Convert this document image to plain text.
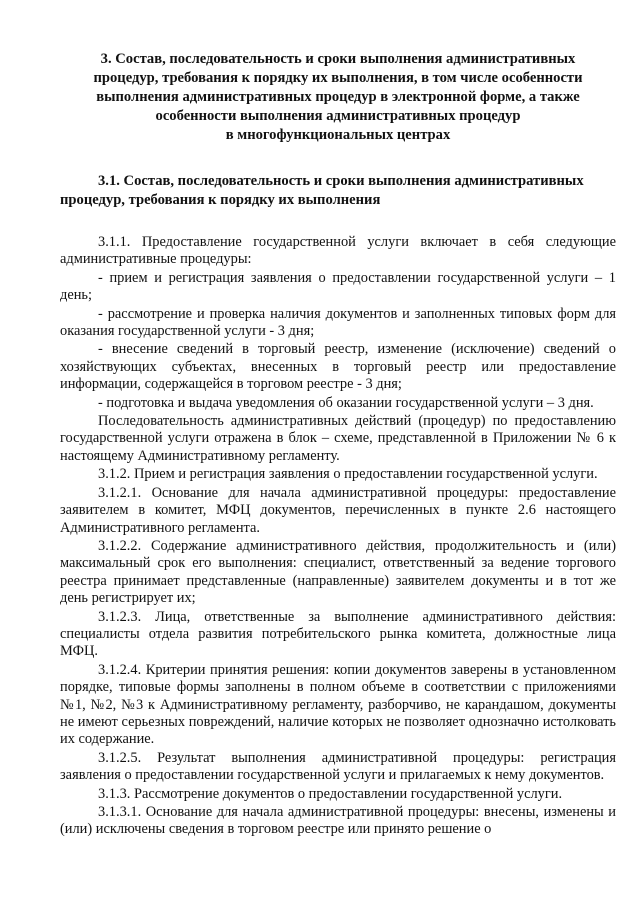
3. Состав, последовательность и сроки выполнения административных
процедур, требования к порядку их выполнения, в том числе особенности
выполнения административных процедур в электронной форме, а также
особенности выполнения административных процедур
в многофункциональных центрах
3.1. Состав, последовательность и сроки выполнения административных процедур, требования к порядку их выполнения

3.1.1. Предоставление государственной услуги включает в себя следующие административные процедуры:

- прием и регистрация заявления о предоставлении государственной услуги – 1 день;

- рассмотрение и проверка наличия документов и заполненных типовых форм для оказания государственной услуги - 3 дня;

- внесение сведений в торговый реестр, изменение (исключение) сведений о хозяйствующих субъектах, внесенных в торговый реестр или предоставление информации, содержащейся в торговом реестре - 3 дня;

- подготовка и выдача уведомления об оказании государственной услуги – 3 дня.

Последовательность административных действий (процедур) по предоставлению государственной услуги отражена в блок – схеме, представленной в Приложении № 6 к настоящему Административному регламенту.

3.1.2. Прием и регистрация заявления о предоставлении государственной услуги.

3.1.2.1. Основание для начала административной процедуры: предоставление заявителем в комитет, МФЦ документов, перечисленных в пункте 2.6 настоящего Административного регламента.

3.1.2.2. Содержание административного действия, продолжительность и (или) максимальный срок его выполнения: специалист, ответственный за ведение торгового реестра принимает представленные (направленные) заявителем документы и в тот же день регистрирует их;

3.1.2.3. Лица, ответственные за выполнение административного действия: специалисты отдела развития потребительского рынка комитета, должностные лица МФЦ.

3.1.2.4. Критерии принятия решения: копии документов заверены в установленном порядке, типовые формы заполнены в полном объеме в соответствии с приложениями №1, №2, №3 к Административному регламенту, разборчиво, не карандашом, документы не имеют серьезных повреждений, наличие которых не позволяет однозначно истолковать их содержание.

3.1.2.5. Результат выполнения административной процедуры: регистрация заявления о предоставлении государственной услуги и прилагаемых к нему документов.

3.1.3. Рассмотрение документов о предоставлении государственной услуги.

3.1.3.1. Основание для начала административной процедуры: внесены, изменены и (или) исключены сведения в торговом реестре или принято решение о
